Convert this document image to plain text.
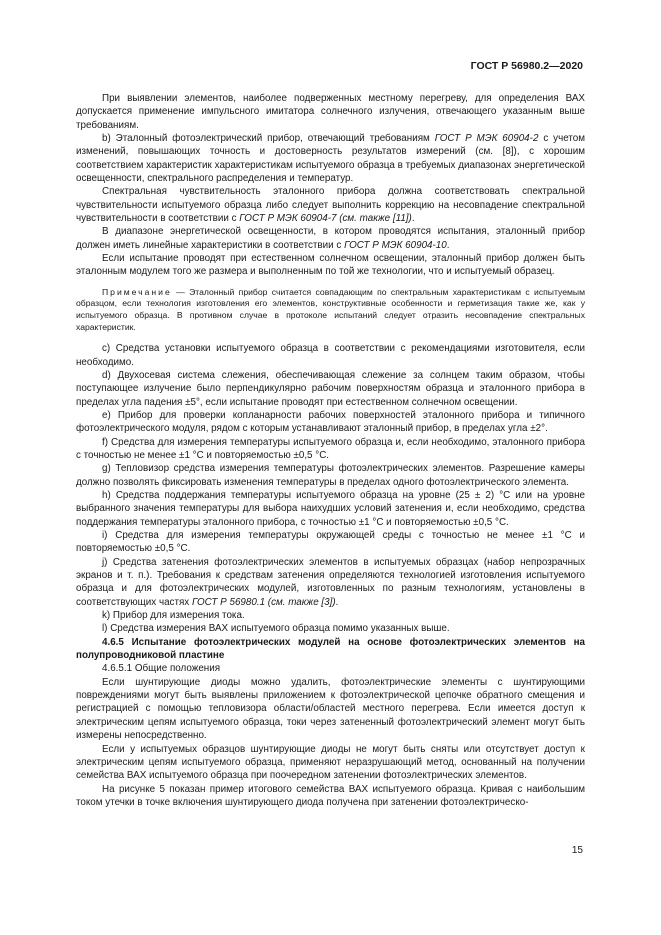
ГОСТ Р 56980.2—2020

При выявлении элементов, наиболее подверженных местному перегреву, для определения ВАХ допускается применение импульсного имитатора солнечного излучения, отвечающего указанным выше требованиям.

b) Эталонный фотоэлектрический прибор, отвечающий требованиям ГОСТ Р МЭК 60904-2 с учетом изменений, повышающих точность и достоверность результатов измерений (см. [8]), с хорошим соответствием характеристик характеристикам испытуемого образца в требуемых диапазонах энергетической освещенности, спектрального распределения и температур.

Спектральная чувствительность эталонного прибора должна соответствовать спектральной чувствительности испытуемого образца либо следует выполнить коррекцию на несовпадение спектральной чувствительности в соответствии с ГОСТ Р МЭК 60904-7 (см. также [11]).

В диапазоне энергетической освещенности, в котором проводятся испытания, эталонный прибор должен иметь линейные характеристики в соответствии с ГОСТ Р МЭК 60904-10.

Если испытание проводят при естественном солнечном освещении, эталонный прибор должен быть эталонным модулем того же размера и выполненным по той же технологии, что и испытуемый образец.

Примечание — Эталонный прибор считается совпадающим по спектральным характеристикам с испытуемым образцом, если технология изготовления его элементов, конструктивные особенности и герметизация такие же, как у испытуемого образца. В противном случае в протоколе испытаний следует отразить несовпадение спектральных характеристик.

c) Средства установки испытуемого образца в соответствии с рекомендациями изготовителя, если необходимо.

d) Двухосевая система слежения, обеспечивающая слежение за солнцем таким образом, чтобы поступающее излучение было перпендикулярно рабочим поверхностям образца и эталонного прибора в пределах угла падения ±5°, если испытание проводят при естественном солнечном освещении.

e) Прибор для проверки копланарности рабочих поверхностей эталонного прибора и типичного фотоэлектрического модуля, рядом с которым устанавливают эталонный прибор, в пределах угла ±2°.

f) Средства для измерения температуры испытуемого образца и, если необходимо, эталонного прибора с точностью не менее ±1 °С и повторяемостью ±0,5 °С.

g) Тепловизор средства измерения температуры фотоэлектрических элементов. Разрешение камеры должно позволять фиксировать изменения температуры в пределах одного фотоэлектрического элемента.

h) Средства поддержания температуры испытуемого образца на уровне (25 ± 2) °С или на уровне выбранного значения температуры для выбора наихудших условий затенения и, если необходимо, средства поддержания температуры эталонного прибора, с точностью ±1 °С и повторяемостью ±0,5 °С.

i) Средства для измерения температуры окружающей среды с точностью не менее ±1 °С и повторяемостью ±0,5 °С.

j) Средства затенения фотоэлектрических элементов в испытуемых образцах (набор непрозрачных экранов и т. п.). Требования к средствам затенения определяются технологией изготовления испытуемого образца и для фотоэлектрических модулей, изготовленных по разным технологиям, установлены в соответствующих частях ГОСТ Р 56980.1 (см. также [3]).

k) Прибор для измерения тока.

l) Средства измерения ВАХ испытуемого образца помимо указанных выше.

4.6.5 Испытание фотоэлектрических модулей на основе фотоэлектрических элементов на полупроводниковой пластине

4.6.5.1 Общие положения

Если шунтирующие диоды можно удалить, фотоэлектрические элементы с шунтирующими повреждениями могут быть выявлены приложением к фотоэлектрической цепочке обратного смещения и регистрацией с помощью тепловизора области/областей местного перегрева. Если имеется доступ к электрическим цепям испытуемого образца, токи через затененный фотоэлектрический элемент могут быть измерены непосредственно.

Если у испытуемых образцов шунтирующие диоды не могут быть сняты или отсутствует доступ к электрическим цепям испытуемого образца, применяют неразрушающий метод, основанный на получении семейства ВАХ испытуемого образца при поочередном затенении фотоэлектрических элементов.

На рисунке 5 показан пример итогового семейства ВАХ испытуемого образца. Кривая с наибольшим током утечки в точке включения шунтирующего диода получена при затенении фотоэлектрическо-

15
